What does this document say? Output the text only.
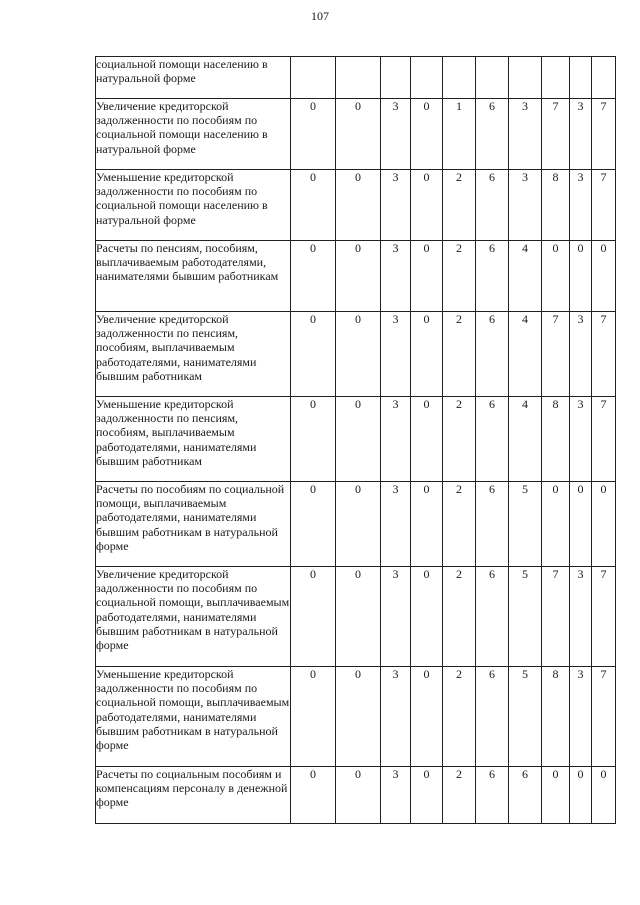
107
социальной помощи населению в натуральной форме										
Увеличение кредиторской задолженности по пособиям по социальной помощи населению в натуральной форме	0	0	3	0	1	6	3	7	3	7
Уменьшение кредиторской задолженности по пособиям по социальной помощи населению в натуральной форме	0	0	3	0	2	6	3	8	3	7
Расчеты по пенсиям, пособиям, выплачиваемым работодателями, нанимателями бывшим работникам	0	0	3	0	2	6	4	0	0	0
Увеличение кредиторской задолженности по пенсиям, пособиям, выплачиваемым работодателями, нанимателями бывшим работникам	0	0	3	0	2	6	4	7	3	7
Уменьшение кредиторской задолженности по пенсиям, пособиям, выплачиваемым работодателями, нанимателями бывшим работникам	0	0	3	0	2	6	4	8	3	7
Расчеты по пособиям по социальной помощи, выплачиваемым работодателями, нанимателями бывшим работникам в натуральной форме	0	0	3	0	2	6	5	0	0	0
Увеличение кредиторской задолженности по пособиям по социальной помощи, выплачиваемым работодателями, нанимателями бывшим работникам в натуральной форме	0	0	3	0	2	6	5	7	3	7
Уменьшение кредиторской задолженности по пособиям по социальной помощи, выплачиваемым работодателями, нанимателями бывшим работникам в натуральной форме	0	0	3	0	2	6	5	8	3	7
Расчеты по социальным пособиям и компенсациям персоналу в денежной форме	0	0	3	0	2	6	6	0	0	0
